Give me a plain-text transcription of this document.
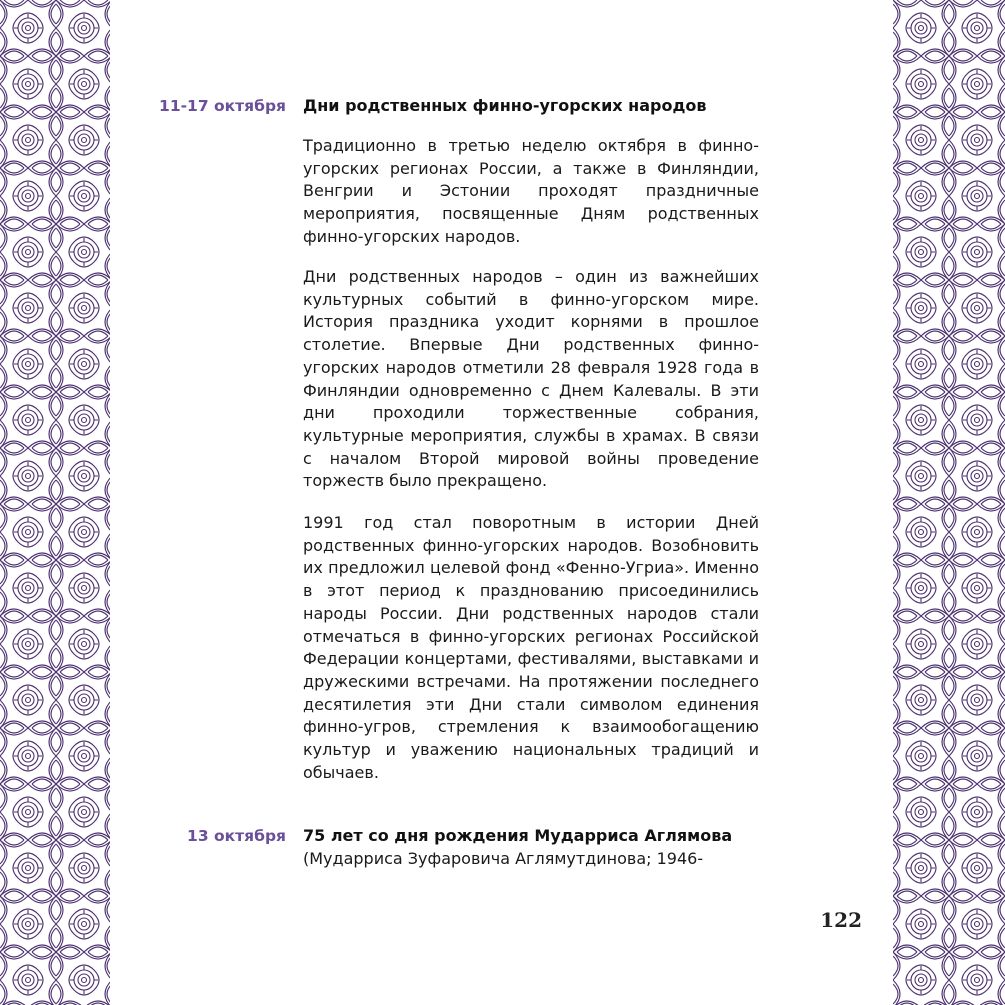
11-17 октября Дни родственных финно-угорских народов

Традиционно в третью неделю октября в финно-угорских регионах России, а также в Финляндии, Венгрии и Эстонии проходят праздничные мероприятия, посвященные Дням родственных финно-угорских народов.

Дни родственных народов – один из важнейших культурных событий в финно-угорском мире. История праздника уходит корнями в прошлое столетие. Впервые Дни родственных финно-угорских народов отметили 28 февраля 1928 года в Финляндии одновременно с Днем Калевалы. В эти дни проходили торжественные собрания, культурные мероприятия, службы в храмах. В связи с началом Второй мировой войны проведение торжеств было прекращено.

1991 год стал поворотным в истории Дней родственных финно-угорских народов. Возобновить их предложил целевой фонд «Фенно-Угриа». Именно в этот период к празднованию присоединились народы России. Дни родственных народов стали отмечаться в финно-угорских регионах Российской Федерации концертами, фестивалями, выставками и дружескими встречами. На протяжении последнего десятилетия эти Дни стали символом единения финно-угров, стремления к взаимообогащению культур и уважению национальных традиций и обычаев.

13 октября 75 лет со дня рождения Мударриса Аглямова

(Мударриса Зуфаровича Аглямутдинова; 1946-

122
